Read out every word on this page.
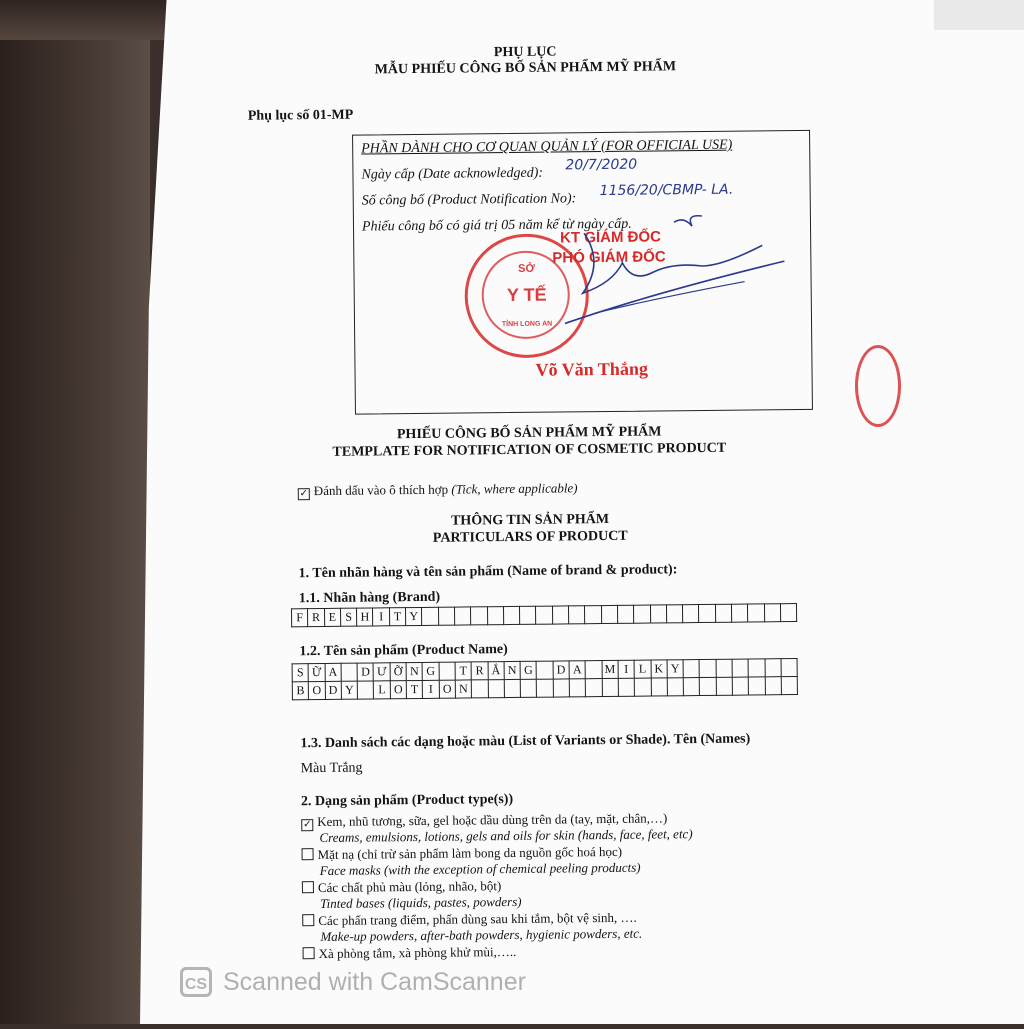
PHỤ LỤC
MẪU PHIẾU CÔNG BỐ SẢN PHẨM MỸ PHẨM
Phụ lục số 01-MP
PHẦN DÀNH CHO CƠ QUAN QUẢN LÝ (FOR OFFICIAL USE)
Ngày cấp (Date acknowledged):
20/7/2020
Số công bố (Product Notification No):
1156/20/CBMP- LA.
Phiếu công bố có giá trị 05 năm kể từ ngày cấp.
SỞ
Y TẾ
TỈNH LONG AN
KT GIÁM ĐỐC
PHÓ GIÁM ĐỐC
Võ Văn Thắng
PHIẾU CÔNG BỐ SẢN PHẨM MỸ PHẨM
TEMPLATE FOR NOTIFICATION OF COSMETIC PRODUCT
✓ Đánh dấu vào ô thích hợp (Tick, where applicable)
THÔNG TIN SẢN PHẨM
PARTICULARS OF PRODUCT
1. Tên nhãn hàng và tên sản phẩm (Name of brand & product):
1.1. Nhãn hàng (Brand)
F	R	E	S	H	I	T	Y																							
1.2. Tên sản phẩm (Product Name)
S	Ữ	A		D	Ư	Ỡ	N	G		T	R	Ắ	N	G		D	A		M	I	L	K	Y							
B	O	D	Y		L	O	T	I	O	N																				
1.3. Danh sách các dạng hoặc màu (List of Variants or Shade). Tên (Names)
Màu Trắng
2. Dạng sản phẩm (Product type(s))
✓ Kem, nhũ tương, sữa, gel hoặc dầu dùng trên da (tay, mặt, chân,…)
Creams, emulsions, lotions, gels and oils for skin (hands, face, feet, etc)
Mặt nạ (chỉ trừ sản phẩm làm bong da nguồn gốc hoá học)
Face masks (with the exception of chemical peeling products)
Các chất phủ màu (lỏng, nhão, bột)
Tinted bases (liquids, pastes, powders)
Các phấn trang điểm, phấn dùng sau khi tắm, bột vệ sinh, ….
Make-up powders, after-bath powders, hygienic powders, etc.
Xà phòng tắm, xà phòng khử mùi,…..
CS Scanned with CamScanner
